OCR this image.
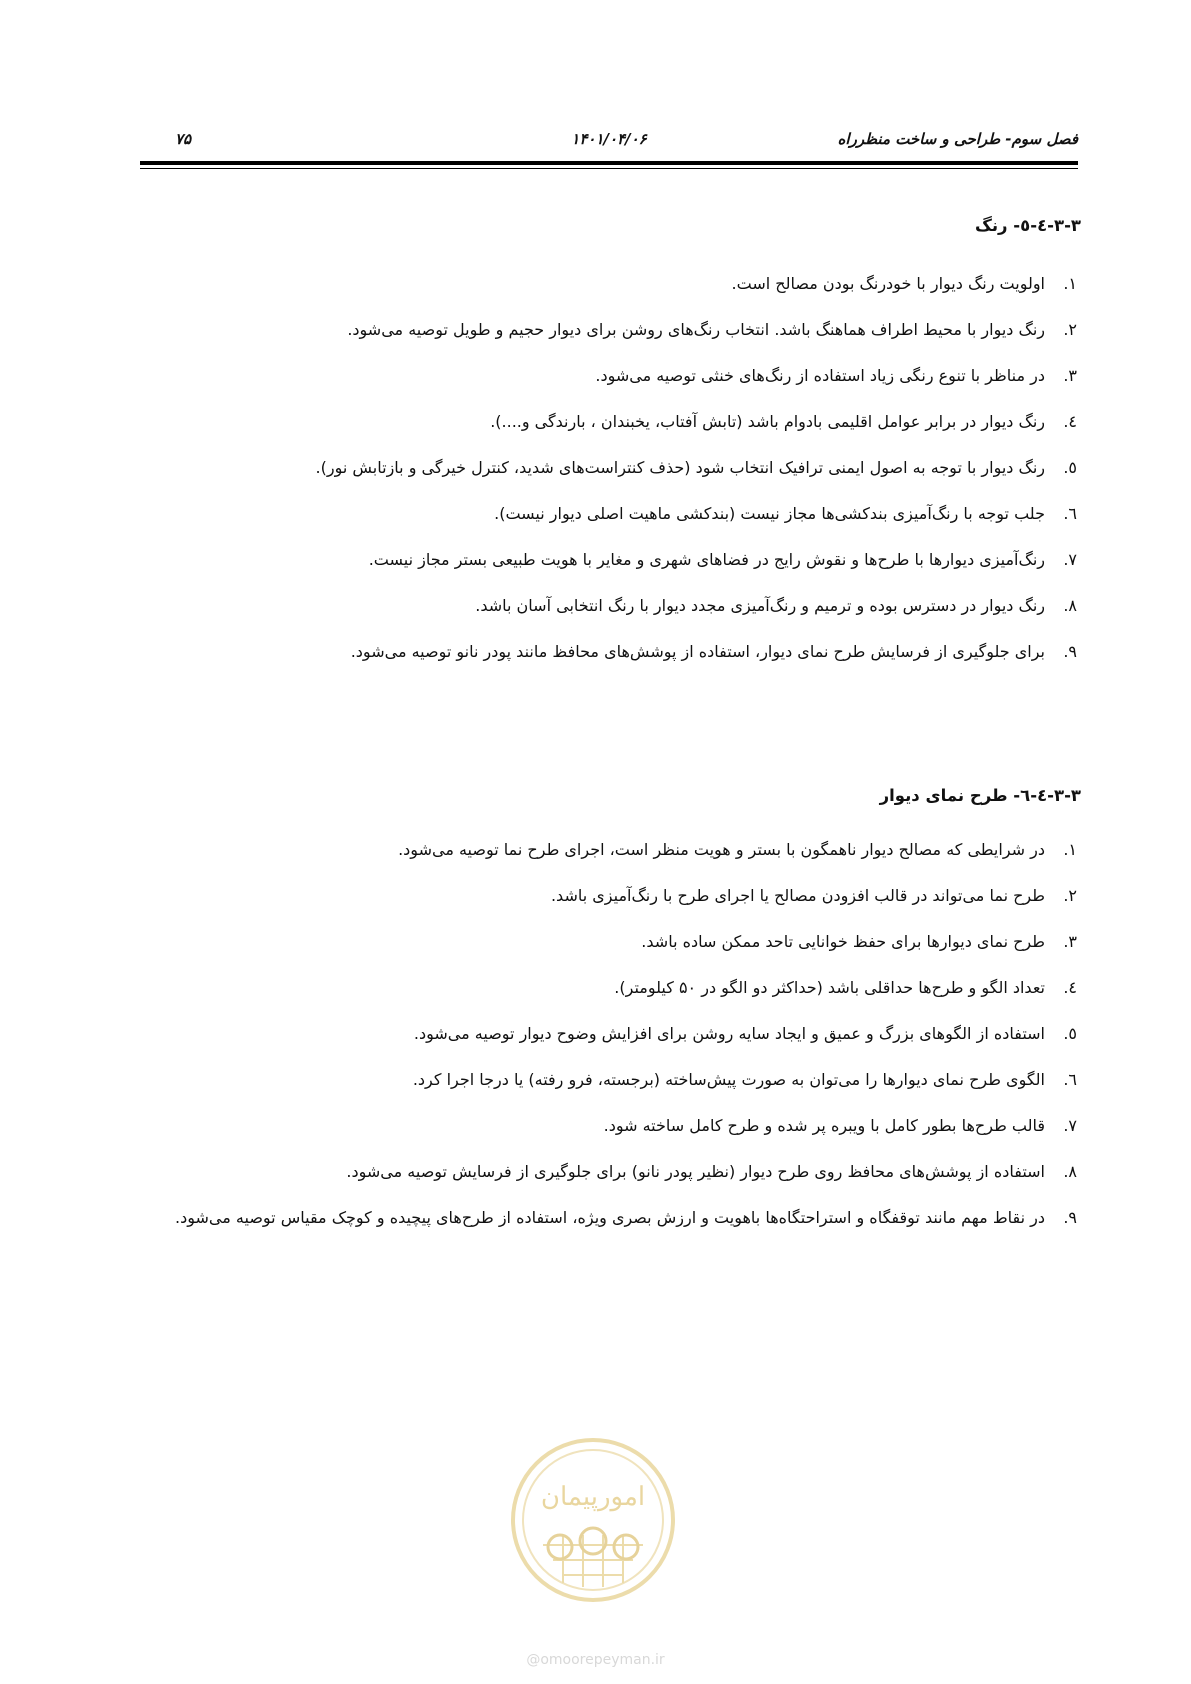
فصل سوم- طراحی و ساخت منظرراه
۱۴۰۱/۰۴/۰۶
۷۵
۳-۳-٤-٥- رنگ
۱.
اولویت رنگ دیوار با خودرنگ بودن مصالح است.
۲.
رنگ دیوار با محیط اطراف هماهنگ باشد. انتخاب رنگ‌های روشن برای دیوار حجیم و طویل توصیه می‌شود.
۳.
در مناظر با تنوع رنگی زیاد استفاده از رنگ‌های خنثی توصیه می‌شود.
٤.
رنگ دیوار در برابر عوامل اقلیمی بادوام باشد (تابش آفتاب، یخبندان ، بارندگی و....).
٥.
رنگ دیوار با توجه به اصول ایمنی ترافیک انتخاب شود (حذف کنتراست‌های شدید، کنترل خیرگی و بازتابش نور).
٦.
جلب توجه با رنگ‌آمیزی بندکشی‌ها مجاز نیست (بندکشی ماهیت اصلی دیوار نیست).
۷.
رنگ‌آمیزی دیوارها با طرح‌ها و نقوش رایج در فضاهای شهری و مغایر با هویت طبیعی بستر مجاز نیست.
۸.
رنگ دیوار در دسترس بوده و ترمیم و رنگ‌آمیزی مجدد دیوار با رنگ انتخابی آسان باشد.
۹.
برای جلوگیری از فرسایش طرح نمای دیوار، استفاده از پوشش‌های محافظ مانند پودر نانو توصیه می‌شود.
۳-۳-٤-٦- طرح نمای دیوار
۱.
در شرایطی که مصالح دیوار ناهمگون با بستر و هویت منظر است، اجرای طرح نما توصیه می‌شود.
۲.
طرح نما می‌تواند در قالب افزودن مصالح یا اجرای طرح با رنگ‌آمیزی باشد.
۳.
طرح نمای دیوارها برای حفظ خوانایی تاحد ممکن ساده باشد.
٤.
تعداد الگو و طرح‌ها حداقلی باشد (حداکثر دو الگو در ۵۰ کیلومتر).
٥.
استفاده از الگوهای بزرگ و عمیق و ایجاد سایه روشن برای افزایش وضوح دیوار توصیه می‌شود.
٦.
الگوی طرح نمای دیوارها را می‌توان به صورت پیش‌ساخته (برجسته، فرو رفته) یا درجا اجرا کرد.
۷.
قالب طرح‌ها بطور کامل با ویبره پر شده و طرح کامل ساخته شود.
۸.
استفاده از پوشش‌های محافظ روی طرح دیوار (نظیر پودر نانو) برای جلوگیری از فرسایش توصیه می‌شود.
۹.
در نقاط مهم مانند توقفگاه و استراحتگاه‌ها باهویت و ارزش بصری ویژه، استفاده از طرح‌های پیچیده و کوچک مقیاس توصیه می‌شود.
امورپیمان
@omoorepeyman.ir
